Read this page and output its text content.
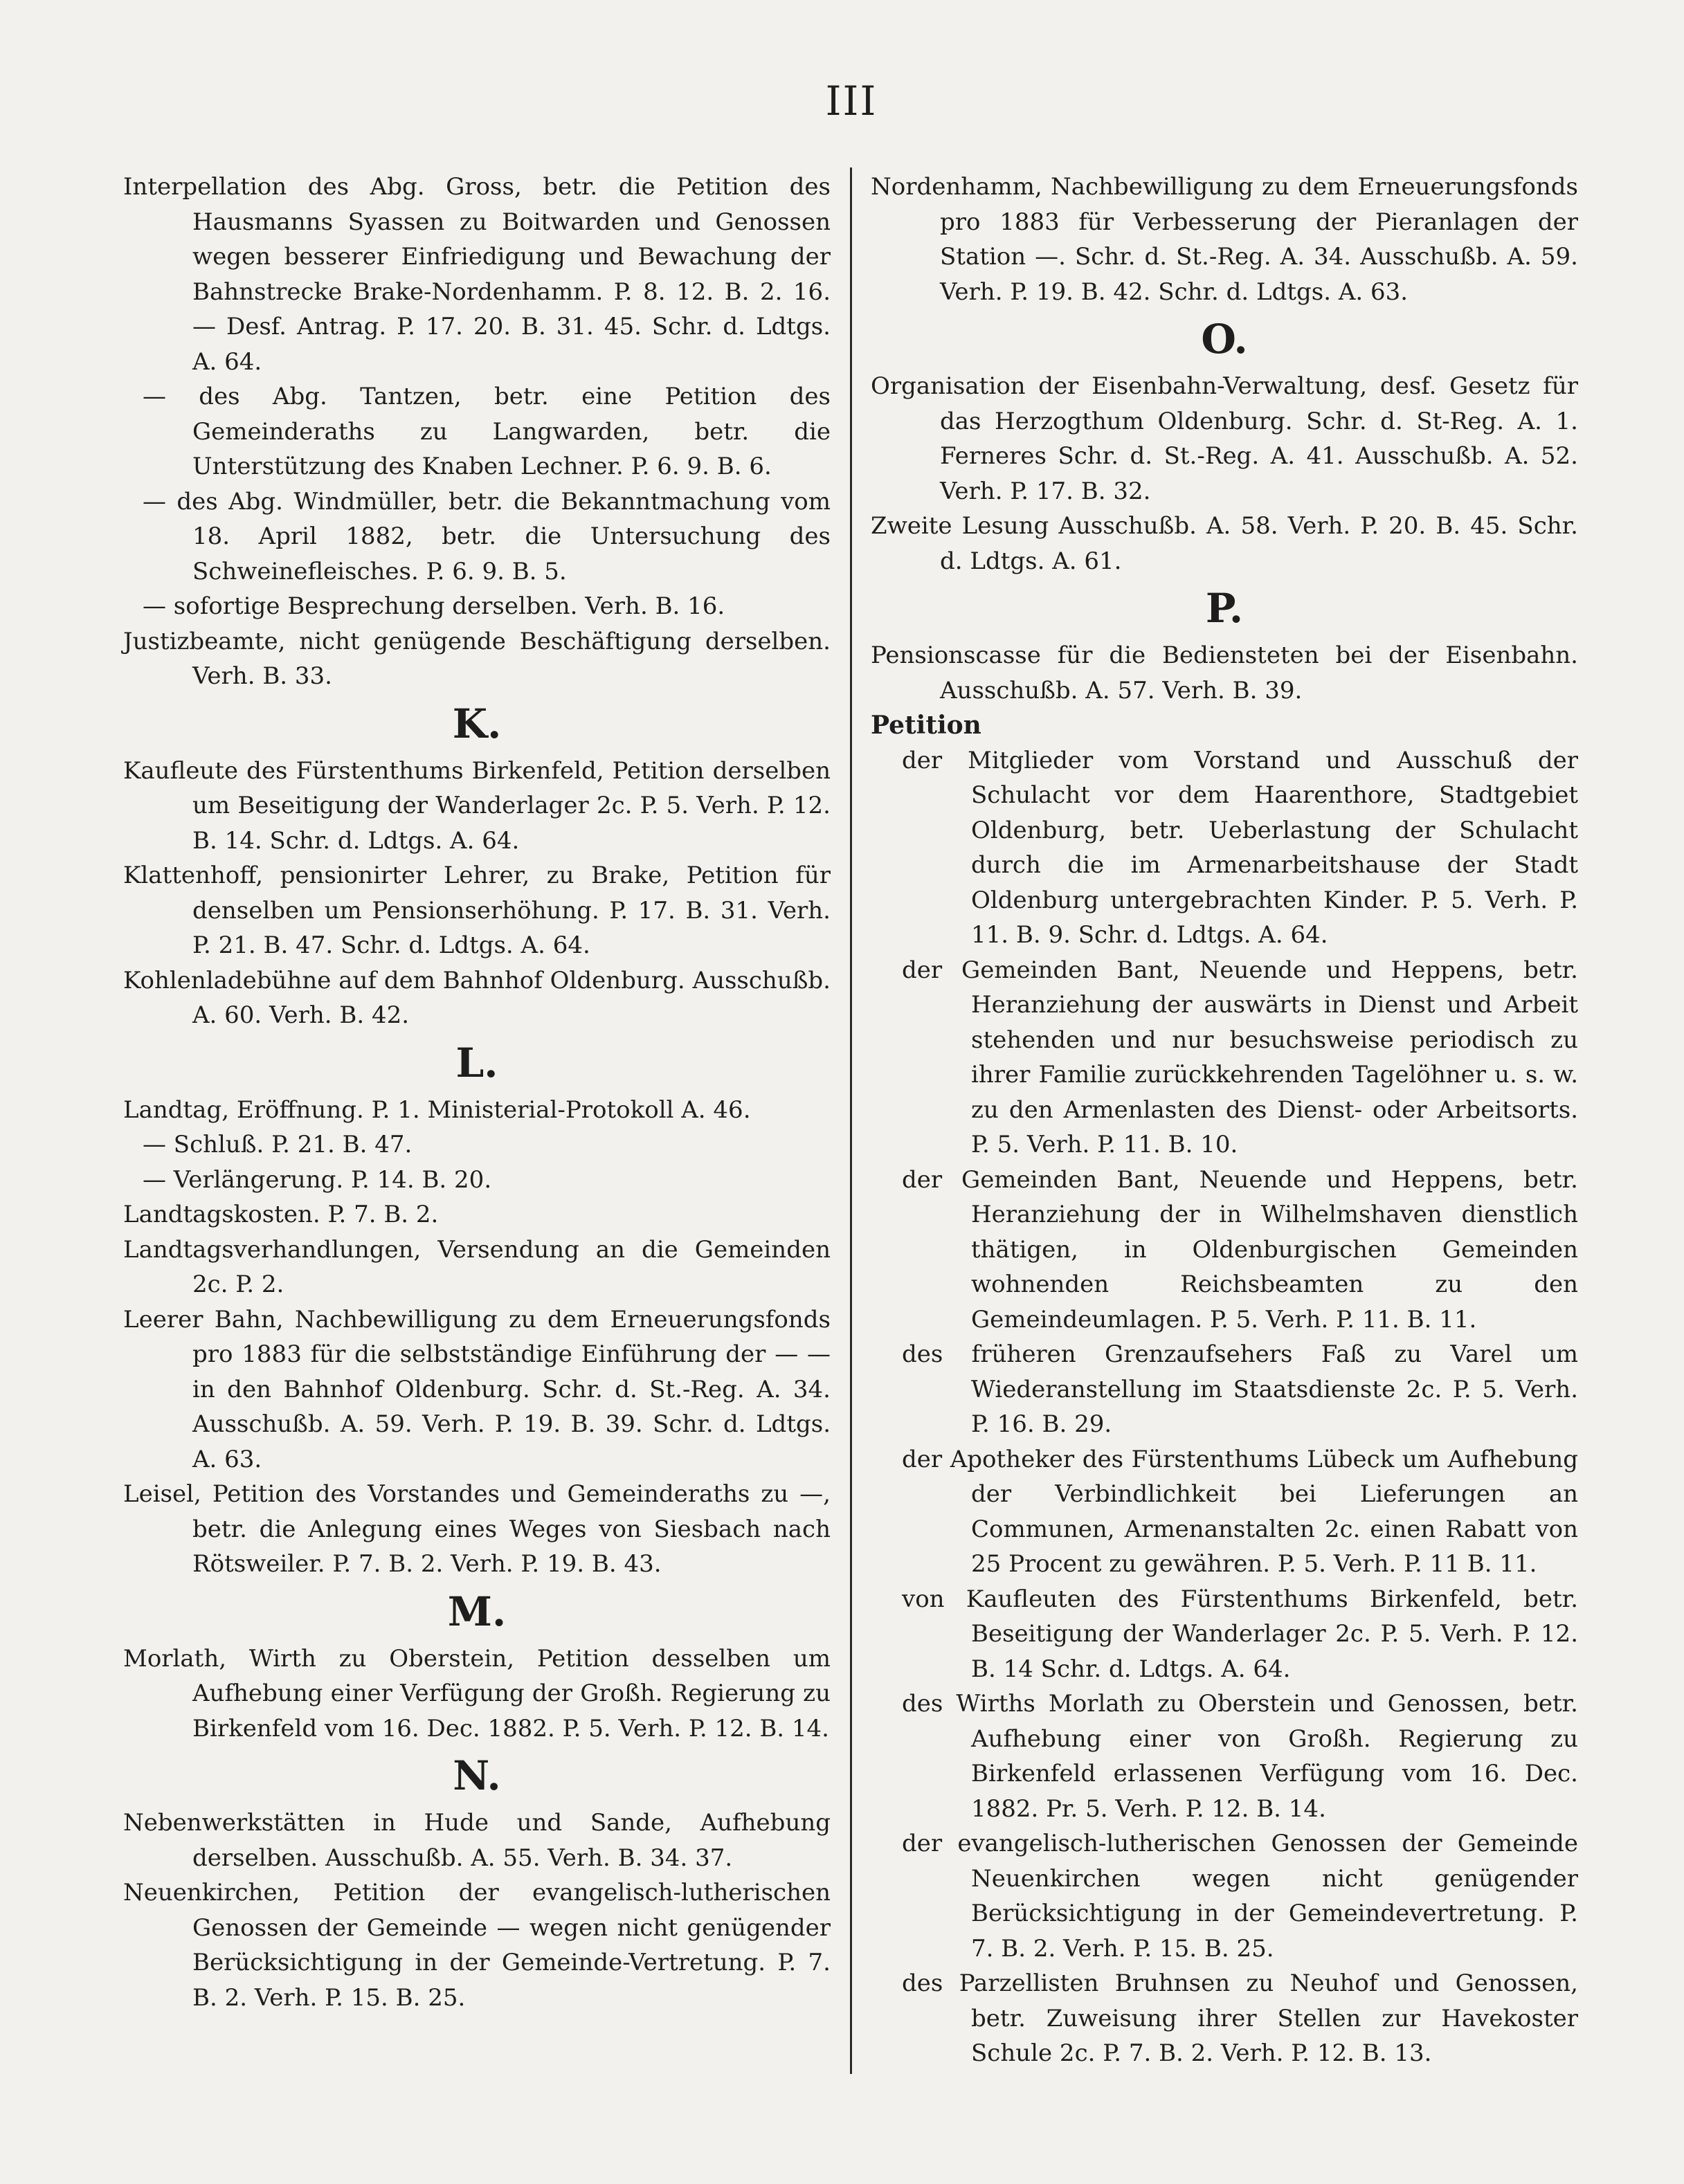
III
Interpellation des Abg. Gross, betr. die Petition des Hausmanns Syassen zu Boitwarden und Genossen wegen besserer Einfriedigung und Bewachung der Bahnstrecke Brake-Nordenhamm. P. 8. 12. B. 2. 16. — Desf. Antrag. P. 17. 20. B. 31. 45. Schr. d. Ldtgs. A. 64.
— des Abg. Tantzen, betr. eine Petition des Gemeinderaths zu Langwarden, betr. die Unterstützung des Knaben Lechner. P. 6. 9. B. 6.
— des Abg. Windmüller, betr. die Bekanntmachung vom 18. April 1882, betr. die Untersuchung des Schweinefleisches. P. 6. 9. B. 5.
— sofortige Besprechung derselben. Verh. B. 16.
Justizbeamte, nicht genügende Beschäftigung derselben. Verh. B. 33.
K.
Kaufleute des Fürstenthums Birkenfeld, Petition derselben um Beseitigung der Wanderlager 2c. P. 5. Verh. P. 12. B. 14. Schr. d. Ldtgs. A. 64.
Klattenhoff, pensionirter Lehrer, zu Brake, Petition für denselben um Pensionserhöhung. P. 17. B. 31. Verh. P. 21. B. 47. Schr. d. Ldtgs. A. 64.
Kohlenladebühne auf dem Bahnhof Oldenburg. Ausschußb. A. 60. Verh. B. 42.
L.
Landtag, Eröffnung. P. 1. Ministerial-Protokoll A. 46.
— Schluß. P. 21. B. 47.
— Verlängerung. P. 14. B. 20.
Landtagskosten. P. 7. B. 2.
Landtagsverhandlungen, Versendung an die Gemeinden 2c. P. 2.
Leerer Bahn, Nachbewilligung zu dem Erneuerungsfonds pro 1883 für die selbstständige Einführung der — — in den Bahnhof Oldenburg. Schr. d. St.-Reg. A. 34. Ausschußb. A. 59. Verh. P. 19. B. 39. Schr. d. Ldtgs. A. 63.
Leisel, Petition des Vorstandes und Gemeinderaths zu —, betr. die Anlegung eines Weges von Siesbach nach Rötsweiler. P. 7. B. 2. Verh. P. 19. B. 43.
M.
Morlath, Wirth zu Oberstein, Petition desselben um Aufhebung einer Verfügung der Großh. Regierung zu Birkenfeld vom 16. Dec. 1882. P. 5. Verh. P. 12. B. 14.
N.
Nebenwerkstätten in Hude und Sande, Aufhebung derselben. Ausschußb. A. 55. Verh. B. 34. 37.
Neuenkirchen, Petition der evangelisch-lutherischen Genossen der Gemeinde — wegen nicht genügender Berücksichtigung in der Gemeinde-Vertretung. P. 7. B. 2. Verh. P. 15. B. 25.
Nordenhamm, Nachbewilligung zu dem Erneuerungsfonds pro 1883 für Verbesserung der Pieranlagen der Station —. Schr. d. St.-Reg. A. 34. Ausschußb. A. 59. Verh. P. 19. B. 42. Schr. d. Ldtgs. A. 63.
O.
Organisation der Eisenbahn-Verwaltung, desf. Gesetz für das Herzogthum Oldenburg. Schr. d. St-Reg. A. 1. Ferneres Schr. d. St.-Reg. A. 41. Ausschußb. A. 52. Verh. P. 17. B. 32.
Zweite Lesung Ausschußb. A. 58. Verh. P. 20. B. 45. Schr. d. Ldtgs. A. 61.
P.
Pensionscasse für die Bediensteten bei der Eisenbahn. Ausschußb. A. 57. Verh. B. 39.
Petition
der Mitglieder vom Vorstand und Ausschuß der Schulacht vor dem Haarenthore, Stadtgebiet Oldenburg, betr. Ueberlastung der Schulacht durch die im Armenarbeitshause der Stadt Oldenburg untergebrachten Kinder. P. 5. Verh. P. 11. B. 9. Schr. d. Ldtgs. A. 64.
der Gemeinden Bant, Neuende und Heppens, betr. Heranziehung der auswärts in Dienst und Arbeit stehenden und nur besuchsweise periodisch zu ihrer Familie zurückkehrenden Tagelöhner u. s. w. zu den Armenlasten des Dienst- oder Arbeitsorts. P. 5. Verh. P. 11. B. 10.
der Gemeinden Bant, Neuende und Heppens, betr. Heranziehung der in Wilhelmshaven dienstlich thätigen, in Oldenburgischen Gemeinden wohnenden Reichsbeamten zu den Gemeindeumlagen. P. 5. Verh. P. 11. B. 11.
des früheren Grenzaufsehers Faß zu Varel um Wiederanstellung im Staatsdienste 2c. P. 5. Verh. P. 16. B. 29.
der Apotheker des Fürstenthums Lübeck um Aufhebung der Verbindlichkeit bei Lieferungen an Communen, Armenanstalten 2c. einen Rabatt von 25 Procent zu gewähren. P. 5. Verh. P. 11 B. 11.
von Kaufleuten des Fürstenthums Birkenfeld, betr. Beseitigung der Wanderlager 2c. P. 5. Verh. P. 12. B. 14 Schr. d. Ldtgs. A. 64.
des Wirths Morlath zu Oberstein und Genossen, betr. Aufhebung einer von Großh. Regierung zu Birkenfeld erlassenen Verfügung vom 16. Dec. 1882. Pr. 5. Verh. P. 12. B. 14.
der evangelisch-lutherischen Genossen der Gemeinde Neuenkirchen wegen nicht genügender Berücksichtigung in der Gemeindevertretung. P. 7. B. 2. Verh. P. 15. B. 25.
des Parzellisten Bruhnsen zu Neuhof und Genossen, betr. Zuweisung ihrer Stellen zur Havekoster Schule 2c. P. 7. B. 2. Verh. P. 12. B. 13.
